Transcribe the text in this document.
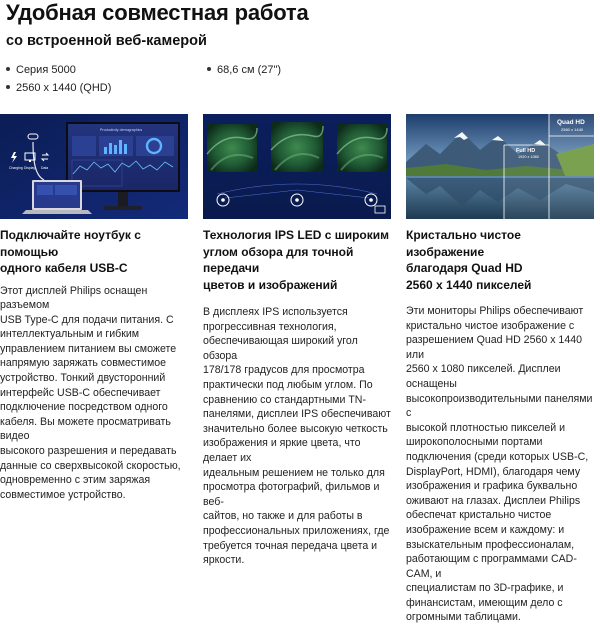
Удобная совместная работа
со встроенной веб-камерой
Серия 5000	68,6 см (27")
2560 x 1440 (QHD)
Productivity demographics
Charging Display Data
Подключайте ноутбук с помощью
одного кабеля USB-C
Этот дисплей Philips оснащен разъемом
USB Type-C для подачи питания. С
интеллектуальным и гибким
управлением питанием вы сможете
напрямую заряжать совместимое
устройство. Тонкий двусторонний
интерфейс USB-C обеспечивает
подключение посредством одного
кабеля. Вы можете просматривать видео
высокого разрешения и передавать
данные со сверхвысокой скоростью,
одновременно с этим заряжая
совместимое устройство.
Технология IPS LED с широким
углом обзора для точной передачи
цветов и изображений
В дисплеях IPS используется
прогрессивная технология,
обеспечивающая широкий угол обзора
178/178 градусов для просмотра
практически под любым углом. По
сравнению со стандартными TN-
панелями, дисплеи IPS обеспечивают
значительно более высокую четкость
изображения и яркие цвета, что делает их
идеальным решением не только для
просмотра фотографий, фильмов и веб-
сайтов, но также и для работы в
профессиональных приложениях, где
требуется точная передача цвета и
яркости.
Quad HD
2560 x 1440
Full HD
1920 x 1080
Кристально чистое изображение
благодаря Quad HD
2560 x 1440 пикселей
Эти мониторы Philips обеспечивают
кристально чистое изображение с
разрешением Quad HD 2560 x 1440 или
2560 x 1080 пикселей. Дисплеи оснащены
высокопроизводительными панелями с
высокой плотностью пикселей и
широкополосными портами
подключения (среди которых USB-C,
DisplayPort, HDMI), благодаря чему
изображения и графика буквально
оживают на глазах. Дисплеи Philips
обеспечат кристально чистое
изображение всем и каждому: и
взыскательным профессионалам,
работающим с программами CAD-CAM, и
специалистам по 3D-графике, и
финансистам, имеющим дело с
огромными таблицами.
